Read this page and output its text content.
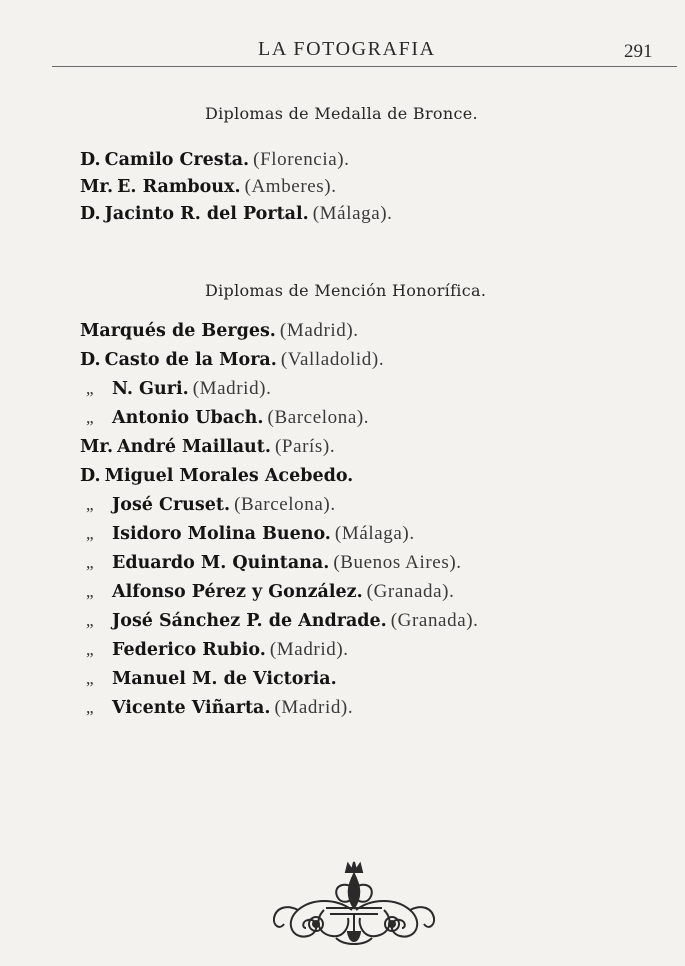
LA FOTOGRAFIA	291
Diplomas de Medalla de Bronce.
D. Camilo Cresta. (Florencia).
Mr. E. Ramboux. (Amberes).
D. Jacinto R. del Portal. (Málaga).
Diplomas de Mención Honorífica.
Marqués de Berges. (Madrid).
D. Casto de la Mora. (Valladolid).
„ N. Guri. (Madrid).
„ Antonio Ubach. (Barcelona).
Mr. André Maillaut. (París).
D. Miguel Morales Acebedo.
„ José Cruset. (Barcelona).
„ Isidoro Molina Bueno. (Málaga).
„ Eduardo M. Quintana. (Buenos Aires).
„ Alfonso Pérez y González. (Granada).
„ José Sánchez P. de Andrade. (Granada).
„ Federico Rubio. (Madrid).
„ Manuel M. de Victoria.
„ Vicente Viñarta. (Madrid).
